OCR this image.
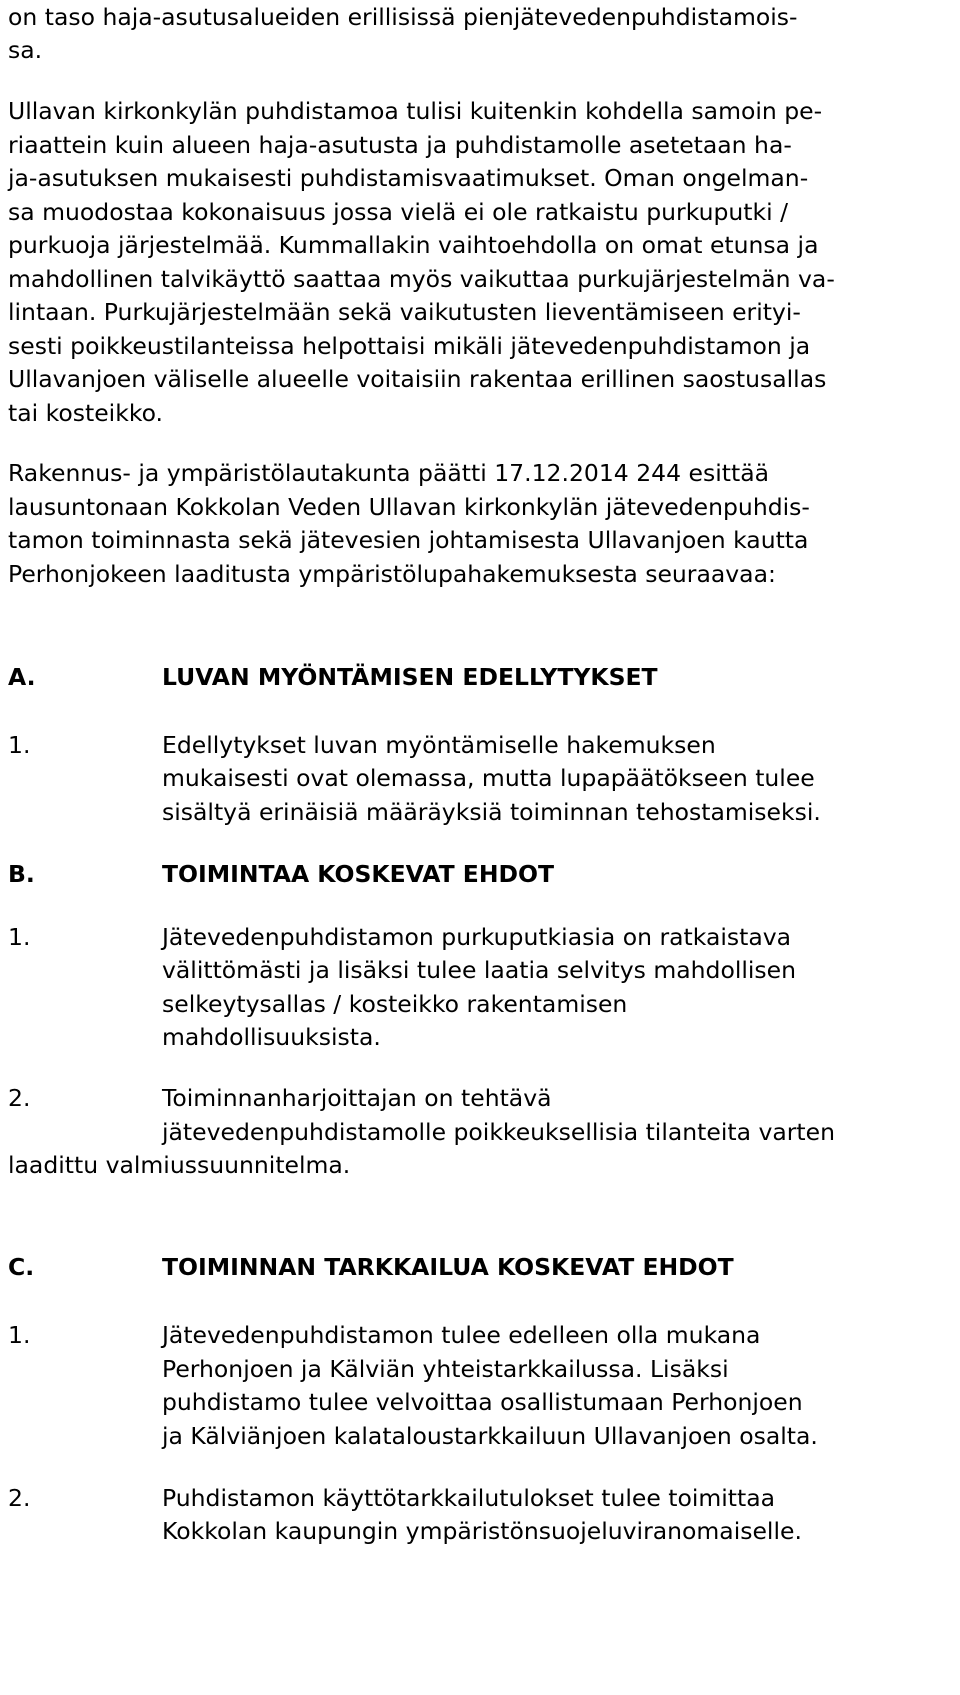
on taso haja-asutusalueiden erillisissä pienjätevedenpuhdistamois-
sa.
Ullavan kirkonkylän puhdistamoa tulisi kuitenkin kohdella samoin pe-
riaattein kuin alueen haja-asutusta ja puhdistamolle asetetaan ha-
ja-asutuksen mukaisesti puhdistamisvaatimukset. Oman ongelman-
sa muodostaa kokonaisuus jossa vielä ei ole ratkaistu purkuputki /
purkuoja järjestelmää. Kummallakin vaihtoehdolla on omat etunsa ja
mahdollinen talvikäyttö saattaa myös vaikuttaa purkujärjestelmän va-
lintaan. Purkujärjestelmään sekä vaikutusten lieventämiseen erityi-
sesti poikkeustilanteissa helpottaisi mikäli jätevedenpuhdistamon ja
Ullavanjoen väliselle alueelle voitaisiin rakentaa erillinen saostusallas
tai kosteikko.
Rakennus- ja ympäristölautakunta päätti 17.12.2014 244 esittää
lausuntonaan Kokkolan Veden Ullavan kirkonkylän jätevedenpuhdis-
tamon toiminnasta sekä jätevesien johtamisesta Ullavanjoen kautta
Perhonjokeen laaditusta ympäristölupahakemuksesta seuraavaa:
A.	LUVAN MYÖNTÄMISEN EDELLYTYKSET
1.	Edellytykset luvan myöntämiselle hakemuksen
mukaisesti ovat olemassa, mutta lupapäätökseen tulee
sisältyä erinäisiä määräyksiä toiminnan tehostamiseksi.
B.	TOIMINTAA KOSKEVAT EHDOT
1.	Jätevedenpuhdistamon purkuputkiasia on ratkaistava
välittömästi ja lisäksi tulee laatia selvitys mahdollisen
selkeytysallas / kosteikko rakentamisen
mahdollisuuksista.
2.	Toiminnanharjoittajan on tehtävä
jätevedenpuhdistamolle poikkeuksellisia tilanteita varten
laadittu valmiussuunnitelma.
C.	TOIMINNAN TARKKAILUA KOSKEVAT EHDOT
1.	Jätevedenpuhdistamon tulee edelleen olla mukana
Perhonjoen ja Kälviän yhteistarkkailussa. Lisäksi
puhdistamo tulee velvoittaa osallistumaan Perhonjoen
ja Kälviänjoen kalataloustarkkailuun Ullavanjoen osalta.
2.	Puhdistamon käyttötarkkailutulokset tulee toimittaa
Kokkolan kaupungin ympäristönsuojeluviranomaiselle.
